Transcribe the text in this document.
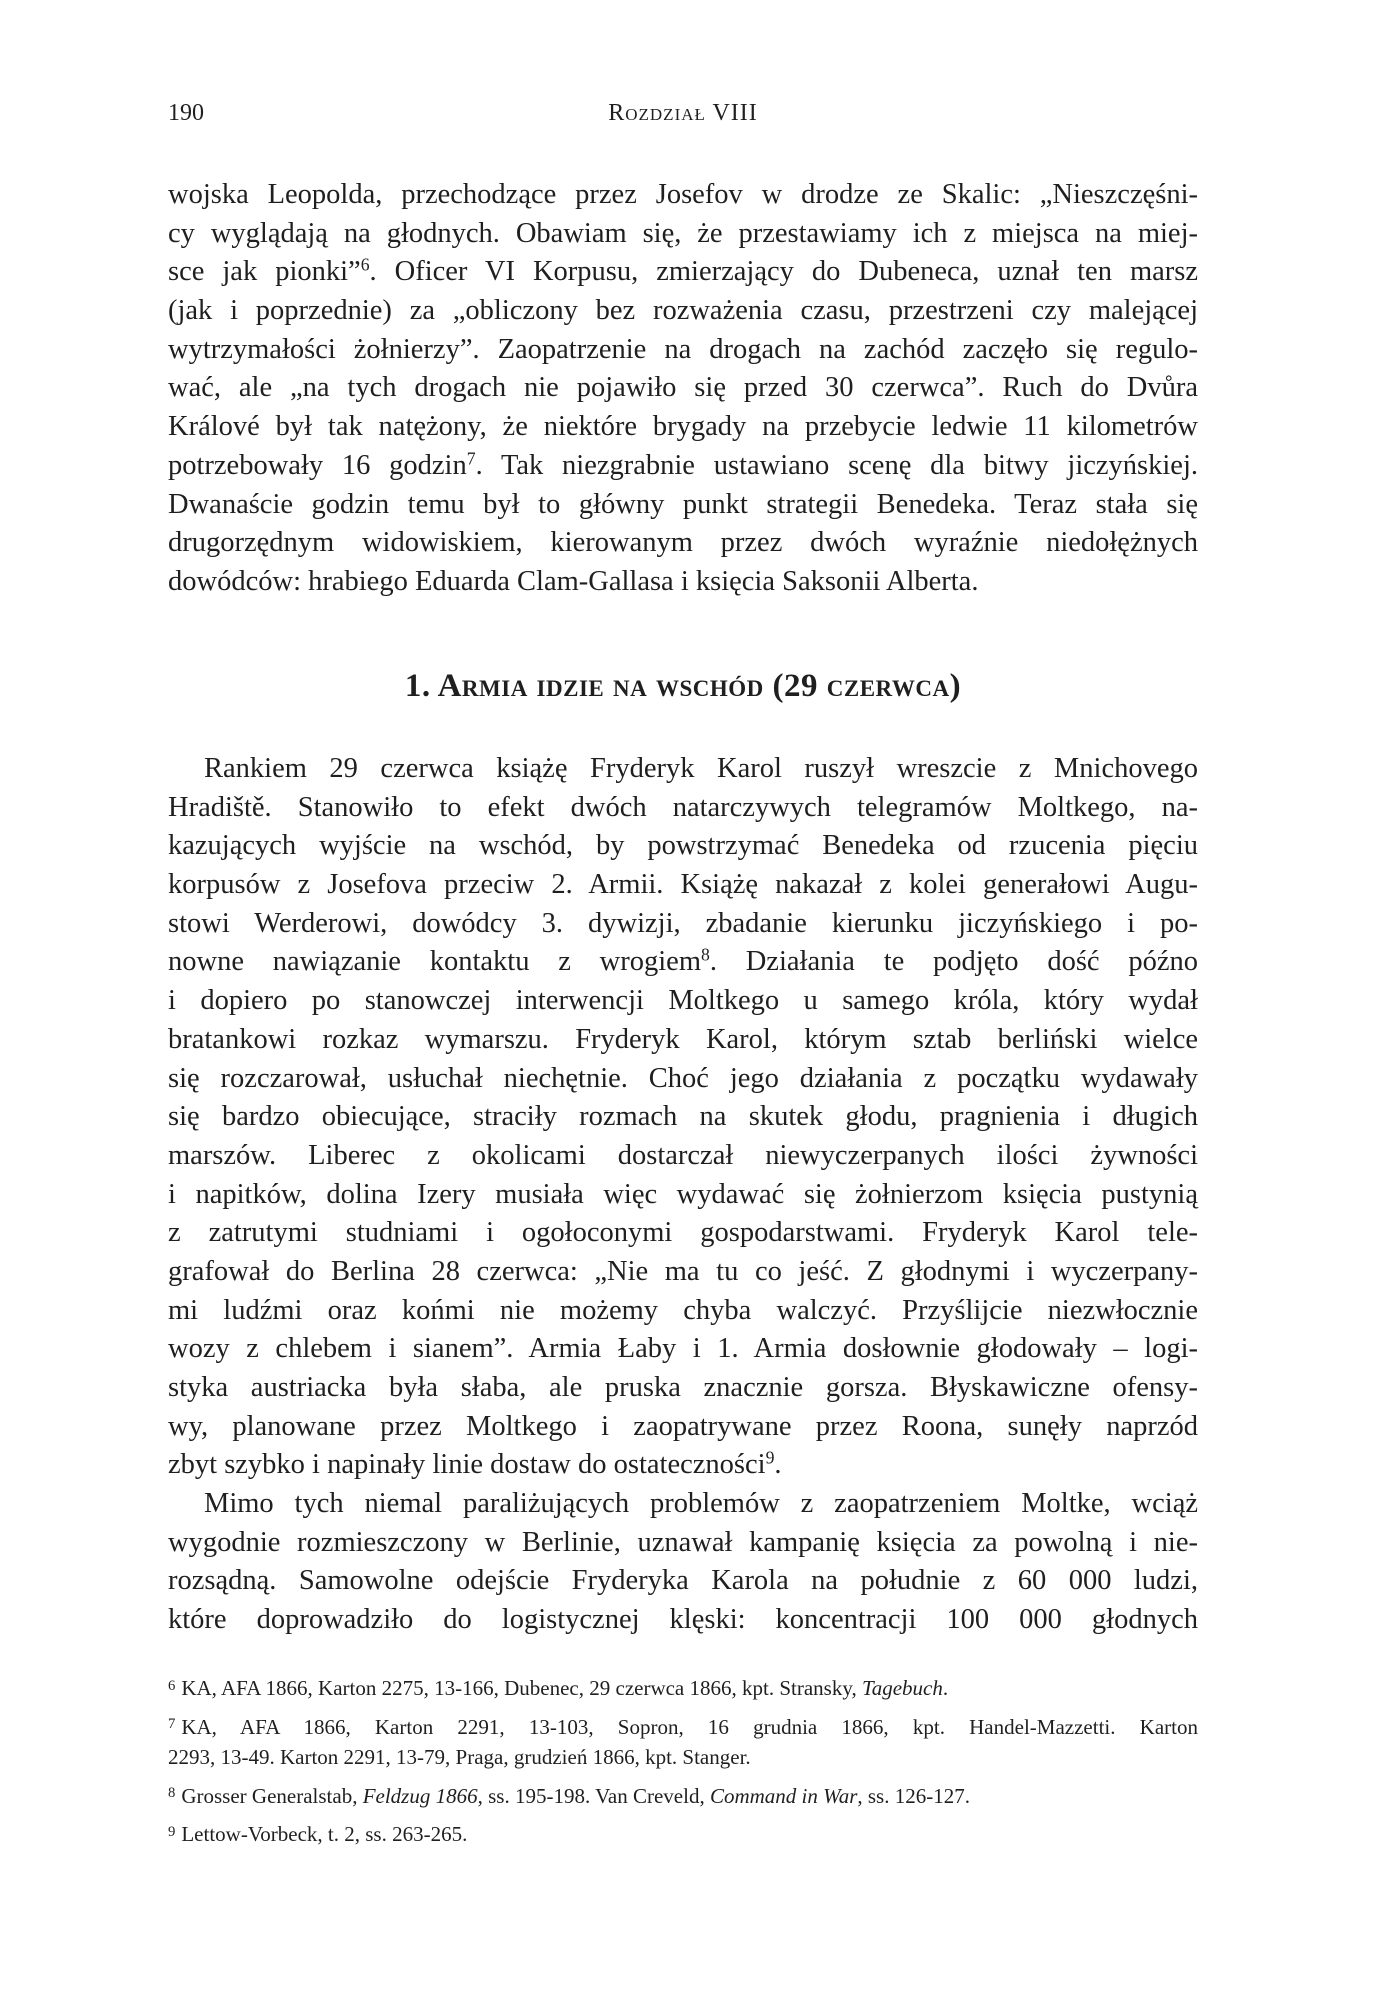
190	Rozdział VIII
wojska Leopolda, przechodzące przez Josefov w drodze ze Skalic: „Nieszczęśni-
cy wyglądają na głodnych. Obawiam się, że przestawiamy ich z miejsca na miej-
sce jak pionki”$^6$. Oficer VI Korpusu, zmierzający do Dubeneca, uznał ten marsz
(jak i poprzednie) za „obliczony bez rozważenia czasu, przestrzeni czy malejącej
wytrzymałości żołnierzy”. Zaopatrzenie na drogach na zachód zaczęło się regulo-
wać, ale „na tych drogach nie pojawiło się przed 30 czerwca”. Ruch do Dvůra
Králové był tak natężony, że niektóre brygady na przebycie ledwie 11 kilometrów
potrzebowały 16 godzin$^7$. Tak niezgrabnie ustawiano scenę dla bitwy jiczyńskiej.
Dwanaście godzin temu był to główny punkt strategii Benedeka. Teraz stała się
drugorzędnym widowiskiem, kierowanym przez dwóch wyraźnie niedołężnych
dowódców: hrabiego Eduarda Clam-Gallasa i księcia Saksonii Alberta.
1. Armia idzie na wschód (29 czerwca)
Rankiem 29 czerwca książę Fryderyk Karol ruszył wreszcie z Mnichovego
Hradiště. Stanowiło to efekt dwóch natarczywych telegramów Moltkego, na-
kazujących wyjście na wschód, by powstrzymać Benedeka od rzucenia pięciu
korpusów z Josefova przeciw 2. Armii. Książę nakazał z kolei generałowi Augu-
stowi Werderowi, dowódcy 3. dywizji, zbadanie kierunku jiczyńskiego i po-
nowne nawiązanie kontaktu z wrogiem$^8$. Działania te podjęto dość późno
i dopiero po stanowczej interwencji Moltkego u samego króla, który wydał
bratankowi rozkaz wymarszu. Fryderyk Karol, którym sztab berliński wielce
się rozczarował, usłuchał niechętnie. Choć jego działania z początku wydawały
się bardzo obiecujące, straciły rozmach na skutek głodu, pragnienia i długich
marszów. Liberec z okolicami dostarczał niewyczerpanych ilości żywności
i napitków, dolina Izery musiała więc wydawać się żołnierzom księcia pustynią
z zatrutymi studniami i ogołoconymi gospodarstwami. Fryderyk Karol tele-
grafował do Berlina 28 czerwca: „Nie ma tu co jeść. Z głodnymi i wyczerpany-
mi ludźmi oraz końmi nie możemy chyba walczyć. Przyślijcie niezwłocznie
wozy z chlebem i sianem”. Armia Łaby i 1. Armia dosłownie głodowały – logi-
styka austriacka była słaba, ale pruska znacznie gorsza. Błyskawiczne ofensy-
wy, planowane przez Moltkego i zaopatrywane przez Roona, sunęły naprzód
zbyt szybko i napinały linie dostaw do ostateczności$^9$.
Mimo tych niemal paraliżujących problemów z zaopatrzeniem Moltke, wciąż
wygodnie rozmieszczony w Berlinie, uznawał kampanię księcia za powolną i nie-
rozsądną. Samowolne odejście Fryderyka Karola na południe z 60 000 ludzi,
które doprowadziło do logistycznej klęski: koncentracji 100 000 głodnych
$^6$ KA, AFA 1866, Karton 2275, 13-166, Dubenec, 29 czerwca 1866, kpt. Stransky, Tagebuch.
$^7$ KA, AFA 1866, Karton 2291, 13-103, Sopron, 16 grudnia 1866, kpt. Handel-Mazzetti. Karton
2293, 13-49. Karton 2291, 13-79, Praga, grudzień 1866, kpt. Stanger.
$^8$ Grosser Generalstab, Feldzug 1866, ss. 195-198. Van Creveld, Command in War, ss. 126-127.
$^9$ Lettow-Vorbeck, t. 2, ss. 263-265.
